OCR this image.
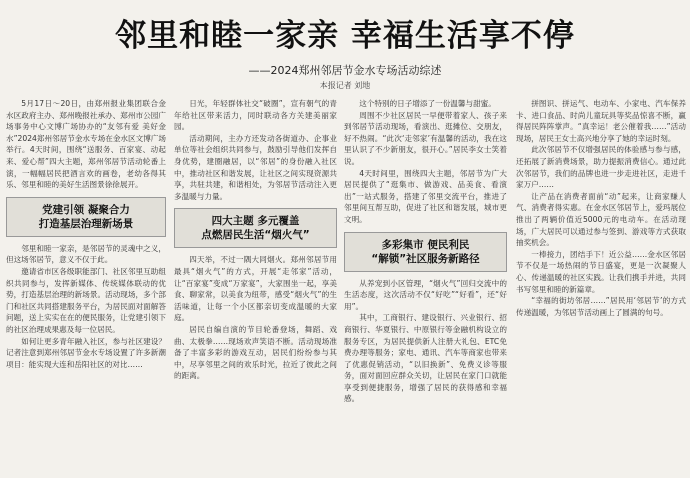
邻里和睦一家亲 幸福生活享不停
——2024郑州邻居节金水专场活动综述
本报记者 刘地

5月17日～20日，由郑州报业集团联合金水区政府主办、郑州晚报社承办、郑州市公园广场事务中心文博广场协办的“友邻有爱 美好金水”2024郑州邻居节金水专场在金水区文博广场举行。4天时间，围绕“送服务、百家宴、动起来、爱心帮”四大主题，郑州邻居节活动轮番上演，一幅幅居民把酒言欢的画卷，老幼各得其乐、邻里和睦的美好生活图景徐徐展开。

党建引领 凝聚合力
打造基层治理新场景

邻里和睦一家亲，是邻居节的灵魂中之义，但这场邻居节，意义不仅于此。

邀请省市区各级职能部门、社区邻里互助组织共同参与，发挥新媒体、传统媒体联动的优势，打造基层治理的新场景。活动现场，多个部门和社区共同搭建服务平台，为居民面对面解答问题，送上实实在在的便民服务，让党建引领下的社区治理成果惠及每一位居民。

如何让更多青年融入社区，参与社区建设？记者注意到郑州邻居节金水专场设置了许多新潮项目：能实现大连和岳阳社区的对比……

日光，年轻群体社交“破圈”，宣有朝气的青年给社区带来活力，同时联动各方关建美丽家园。

活动期间，主办方还发动各街道办、企事业单位等社会组织共同参与，鼓励引导他们发挥自身优势，建圈融居，以“邻居”的身份融入社区中，推动社区和谐发展，让社区之间实现资源共享，共驻共建，和谐相处，为邻居节活动注入更多温暖与力量。

四大主题 多元覆盖
点燃居民生活“烟火气”

四天举，不过一隅大同烟火。郑州邻居节用最具“烟火气”的方式，开展“走邻家”活动，让“百家宴”变成“万家宴”，大家围坐一起，享美食、聊家常，以美食为纽带，感受“烟火气”的生活味道，让每一个小区都亲切变成温暖的大家庭。

居民自编自演的节目轮番登场，舞蹈、戏曲、太极拳……现场欢声笑语不断。活动现场准备了丰富多彩的游戏互动，居民们纷纷参与其中，尽享邻里之间的欢乐时光，拉近了彼此之间的距离。

这个特别的日子增添了一份温馨与甜蜜。

周围不少社区居民一早便带着家人、孩子来到邻居节活动现场，看演出、逛摊位、交朋友，好不热闹。“此次‘走邻家’有温馨的活动，我在这里认识了不少新朋友，很开心。”居民李女士笑着说。

4天时间里，围绕四大主题，邻居节为广大居民提供了“逛集市、做游戏、品美食、看演出”一站式服务，搭建了邻里交流平台，推进了邻里间互帮互助，促进了社区和谐发展，城市更文明。

多彩集市 便民利民
“解锁”社区服务新路径

从养宠到小区管理，“烟火气”回归交流中的生活态度，这次活动不仅“好吃”“好看”，还“好用”。

其中，工商银行、建设银行、兴业银行、招商银行、华夏银行、中原银行等金融机构设立的服务专区，为居民提供新人注册大礼包、ETC免费办理等服务；家电、通讯、汽车等商家也带来了优惠促销活动，“以旧换新”、免费义诊等服务，面对面回应群众关切，让居民在家门口就能享受到便捷服务，增强了居民的获得感和幸福感。

拼图识、拼运气、电动车、小家电、汽车保养卡、进口食品、时尚儿童玩具等奖品惊喜不断，赢得居民阵阵掌声。“真幸运！老公催着我……”活动现场，居民王女士高兴地分享了她的幸运时刻。

此次邻居节不仅增强居民的体验感与参与感，还拓展了新消费场景，助力提振消费信心。通过此次邻居节，我们的品牌也进一步走进社区，走进千家万户……

让产品在消费者面前“动”起来，让商家赚人气、消费者得实惠。在金水区邻居节上，爱玛展位推出了两辆价值近5000元的电动车。在活动现场，广大居民可以通过参与签到、游戏等方式获取抽奖机会。

一棒接力，团结手下！近公益……金水区邻居节不仅是一场热闹的节日盛宴，更是一次凝聚人心、传递温暖的社区实践。让我们携手并进，共同书写邻里和睦的新篇章。

“幸福的街坊邻居……”居民用‘邻居节’的方式传递温暖，为邻居节活动画上了圆满的句号。
